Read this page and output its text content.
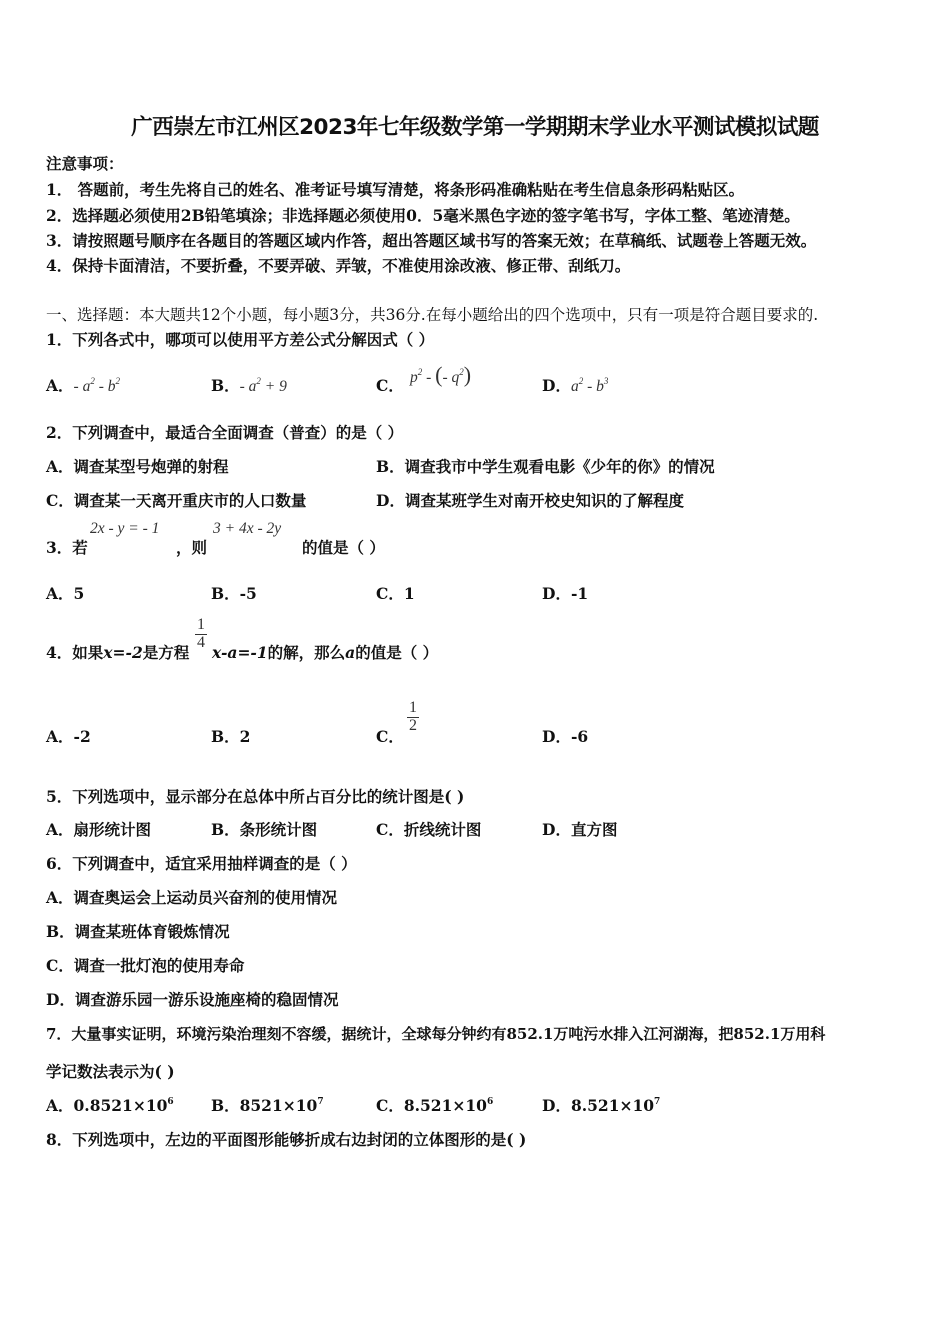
广西崇左市江州区2023年七年级数学第一学期期末学业水平测试模拟试题
注意事项：
1． 答题前，考生先将自己的姓名、准考证号填写清楚，将条形码准确粘贴在考生信息条形码粘贴区。
2．选择题必须使用2B铅笔填涂；非选择题必须使用0．5毫米黑色字迹的签字笔书写，字体工整、笔迹清楚。
3．请按照题号顺序在各题目的答题区域内作答，超出答题区域书写的答案无效；在草稿纸、试题卷上答题无效。
4．保持卡面清洁，不要折叠，不要弄破、弄皱，不准使用涂改液、修正带、刮纸刀。
一、选择题：本大题共12个小题，每小题3分，共36分.在每小题给出的四个选项中，只有一项是符合题目要求的.
1．下列各式中，哪项可以使用平方差公式分解因式（ ）
A．- $a^2 - b^2$	B．- $a^2 + 9$	C． $p^2$ - (- $q^2$)	D．$a^2 - b^3$
2．下列调查中，最适合全面调查（普查）的是（ ）
A．调查某型号炮弹的射程	B．调查我市中学生观看电影《少年的你》的情况
C．调查某一天离开重庆市的人口数量	D．调查某班学生对南开校史知识的了解程度
3．若
2x - y = - 1
，则
3 + 4x - 2y
的值是（ ）
A．5	B．-5	C．1	D．-1
4．如果x=-2是方程
$\frac{1}{4}$
x-a=-1的解，那么a的值是（ ）
A．-2	B．2	C．
$\frac{1}{2}$
D．-6
5．下列选项中，显示部分在总体中所占百分比的统计图是( )
A．扇形统计图	B．条形统计图	C．折线统计图	D．直方图
6．下列调查中，适宜采用抽样调查的是（ ）
A．调查奥运会上运动员兴奋剂的使用情况
B．调查某班体育锻炼情况
C．调查一批灯泡的使用寿命
D．调查游乐园一游乐设施座椅的稳固情况
7．大量事实证明，环境污染治理刻不容缓，据统计，全球每分钟约有852.1万吨污水排入江河湖海，把852.1万用科
学记数法表示为( )
A．$0.8521\times 10^6$ B．$8521\times 10^7$	C．$8.521\times 10^6$	D．$8.521\times 10^7$
8．下列选项中，左边的平面图形能够折成右边封闭的立体图形的是( )
